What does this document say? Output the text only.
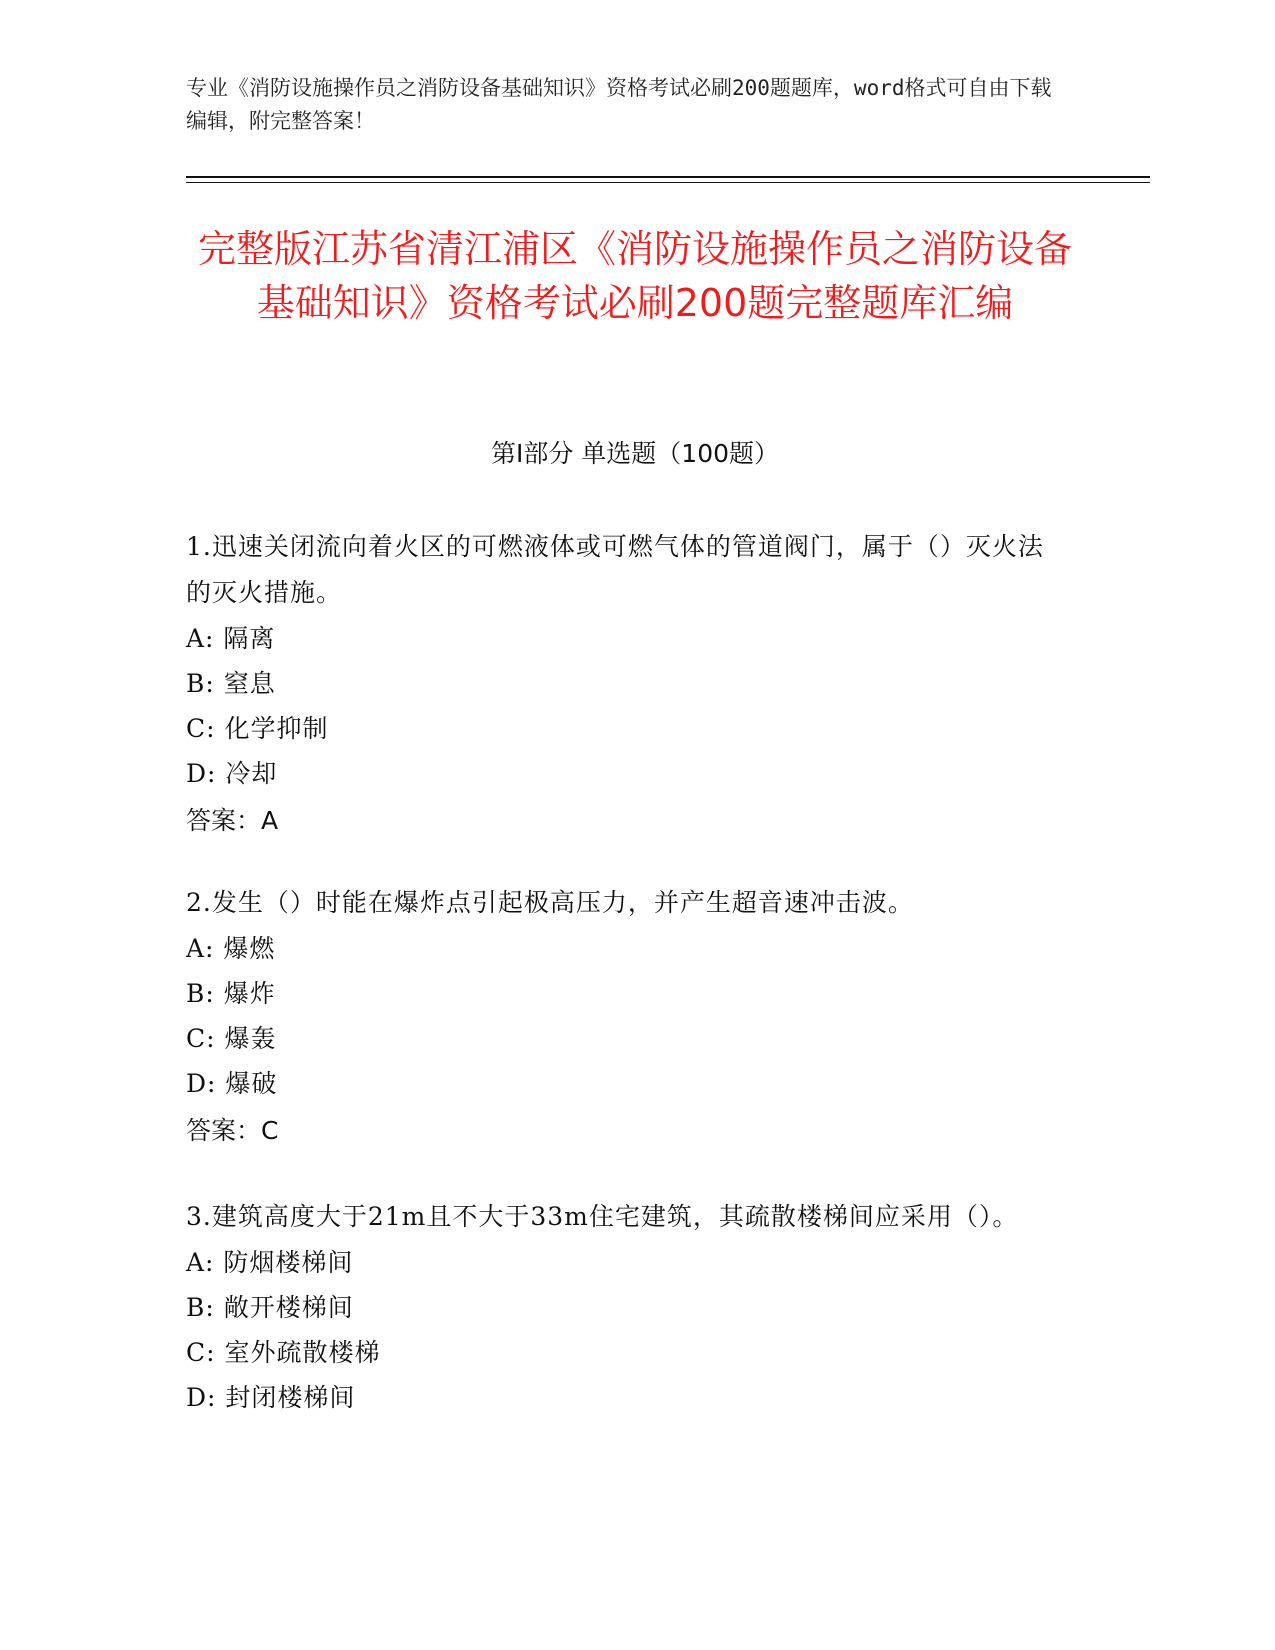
专业《消防设施操作员之消防设备基础知识》资格考试必刷200题题库，word格式可自由下载编辑，附完整答案！
完整版江苏省清江浦区《消防设施操作员之消防设备基础知识》资格考试必刷200题完整题库汇编
第Ⅰ部分 单选题（100题）
1.迅速关闭流向着火区的可燃液体或可燃气体的管道阀门，属于（）灭火法的灭火措施。
A: 隔离
B: 窒息
C: 化学抑制
D: 冷却
答案：A
2.发生（）时能在爆炸点引起极高压力，并产生超音速冲击波。
A: 爆燃
B: 爆炸
C: 爆轰
D: 爆破
答案：C
3.建筑高度大于21m且不大于33m住宅建筑，其疏散楼梯间应采用（）。
A: 防烟楼梯间
B: 敞开楼梯间
C: 室外疏散楼梯
D: 封闭楼梯间
